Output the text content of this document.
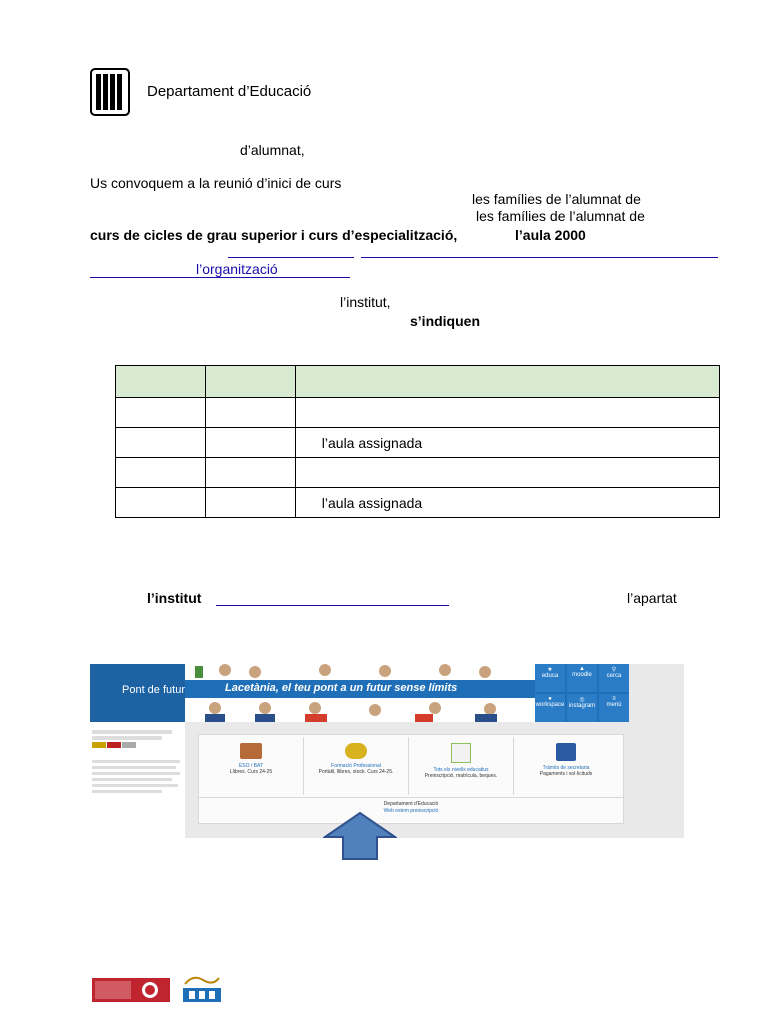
Departament d’Educació
d’alumnat,
Us convoquem a la reunió d’inici de curs
les famílies de l’alumnat de
les famílies de l’alumnat de
curs de cicles de grau superior i curs d’especialització,	l’aula 2000
l’organització
l’institut,
s’indiquen

		l’aula assignada

		l’aula assignada
l’institut	l’apartat
Pont de futur
	Lacetània, el teu pont a un futur sense límits
★
educa
▲
moodle
⚲
cerca
●
workspace
◎
instagram
≡
menú
ESO / BAT
Llibres. Curs 24-25
Formació Professional
Portàtil, llibres, stock. Curs 24-25.	Tots els nivells educatius
Preinscripció, matrícula, beques.
Tràmits de secretaria
Pagaments i sol·licituds
Departament d'Educació
Web estem preinscripció
